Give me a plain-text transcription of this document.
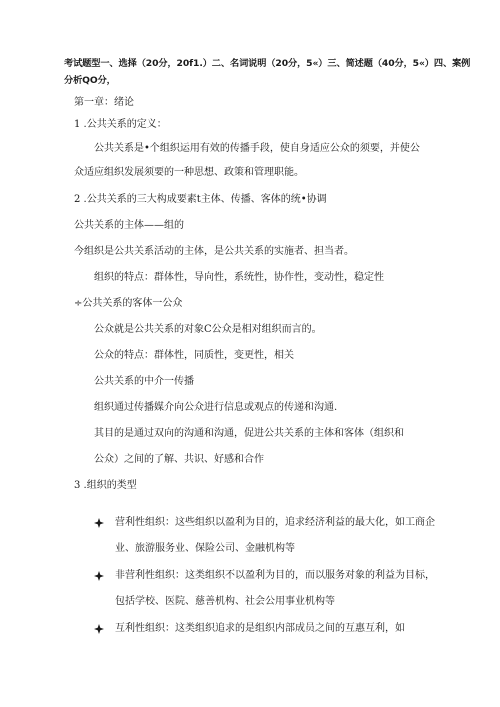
考试题型一、选择（20分，20f1.）二、名词说明（20分，5«）三、简述题（40分，5«）四、案例
分析QO分，
第一章：绪论
1 .公共关系的定义：
公共关系是•个组织运用有效的传播手段，使自身适应公众的须要，并使公
众适应组织发展须要的一种思想、政策和管理职能。
2 .公共关系的三大构成要素t主体、传播、客体的统•协调
公共关系的主体——组的
今组织是公共关系活动的主体，是公共关系的实施者、担当者。
组织的特点：群体性，导向性，系统性，协作性，变动性，稳定性
÷公共关系的客体一公众
公众就是公共关系的对象C公众是相对组织而言的。
公众的特点：群体性，同质性，变更性，相关
公共关系的中介一传播
组织通过传播媒介向公众进行信息或观点的传递和沟通.
其目的是通过双向的沟通和沟通，促进公共关系的主体和客体（组织和
公众）之间的了解、共识、好感和合作
3 .组织的类型
营利性组织：这些组织以盈利为目的，追求经济利益的最大化，如工商企
业、旅游服务业、保险公司、金融机构等
非营利性组织：这类组织不以盈利为目的，而以服务对象的利益为目标，
包括学校、医院、慈善机构、社会公用事业机构等
互利性组织：这类组织追求的是组织内部成员之间的互惠互利，如
